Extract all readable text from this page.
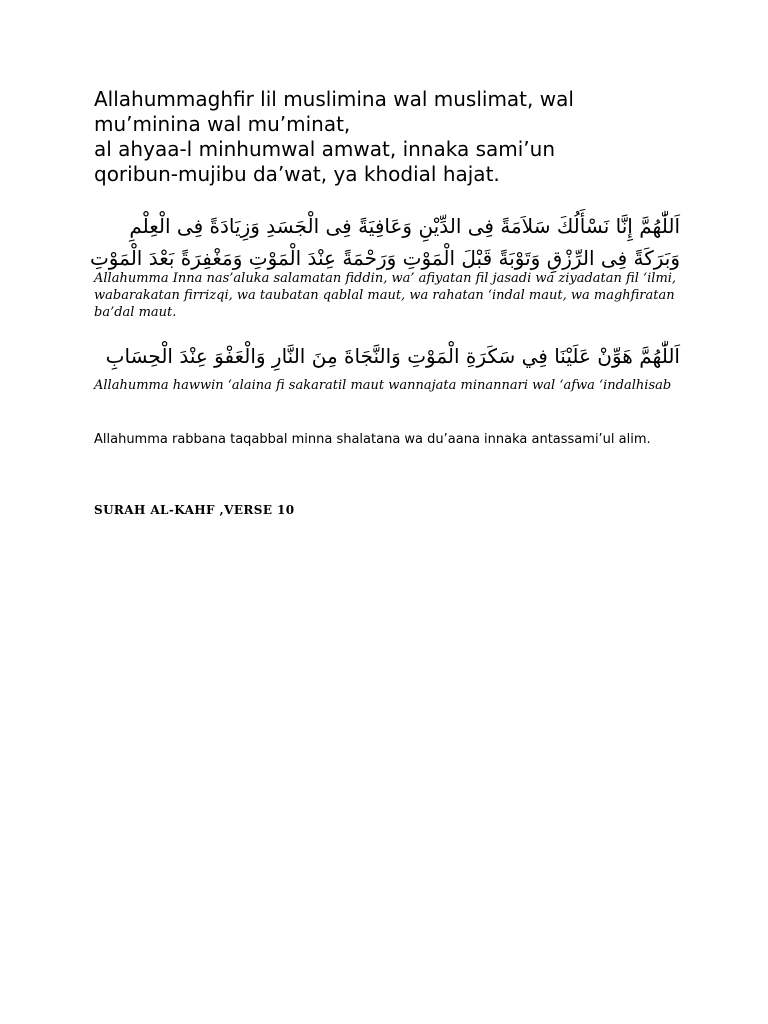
Allahummaghfir lil muslimina wal muslimat, wal
mu’minina wal mu’minat,
al ahyaa-l minhumwal amwat, innaka sami’un
qoribun-mujibu da’wat, ya khodial hajat.
اَللّٰهُمَّ إِنَّا نَسْأَلُكَ سَلاَمَةً فِى الدِّيْنِ وَعَافِيَةً فِى الْجَسَدِ وَزِيَادَةً فِى الْعِلْمِ وَبَرَكَةً فِى الرِّزْقِ وَتَوْبَةً قَبْلَ الْمَوْتِ وَرَحْمَةً عِنْدَ الْمَوْتِ وَمَغْفِرَةً بَعْدَ الْمَوْتِ
Allahumma Inna nas’aluka salamatan fiddin, wa’ afiyatan fil jasadi wa ziyadatan fil ‘ilmi, wabarakatan firrizqi, wa taubatan qablal maut, wa rahatan ‘indal maut, wa maghfiratan ba’dal maut.
اَللّٰهُمَّ هَوِّنْ عَلَيْنَا فِي سَكَرَةِ الْمَوْتِ وَالنَّجَاةَ مِنَ النَّارِ وَالْعَفْوَ عِنْدَ الْحِسَابِ
Allahumma hawwin ‘alaina fi sakaratil maut wannajata minannari wal ‘afwa ‘indalhisab
Allahumma rabbana taqabbal minna shalatana wa du’aana innaka antassami’ul alim.
SURAH AL-KAHF ,VERSE 10
